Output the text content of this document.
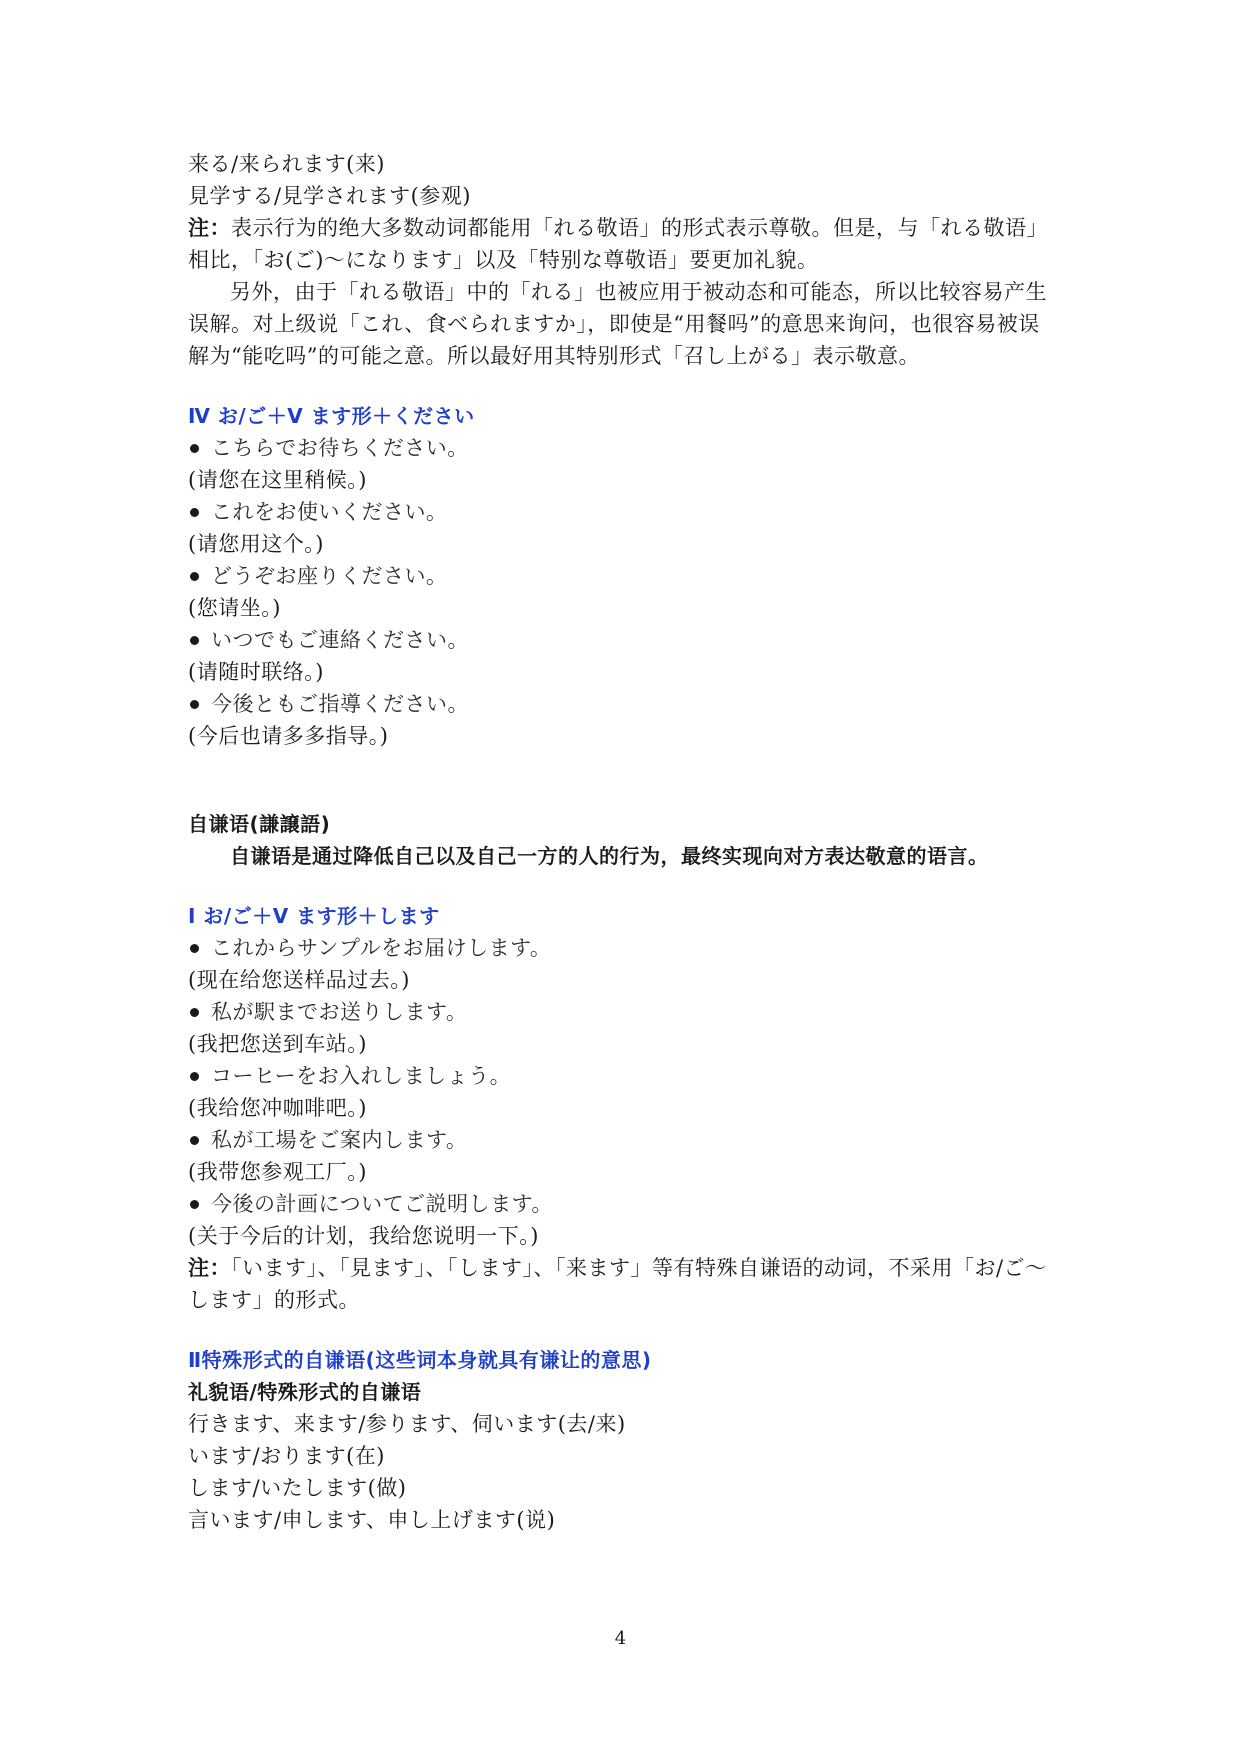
来る/来られます(来)
見学する/見学されます(参观)
注：表示行为的绝大多数动词都能用「れる敬语」的形式表示尊敬。但是，与「れる敬语」相比，「お(ご)～になります」以及「特别な尊敬语」要更加礼貌。
另外，由于「れる敬语」中的「れる」也被应用于被动态和可能态，所以比较容易产生误解。对上级说「これ、食べられますか」，即使是“用餐吗”的意思来询问，也很容易被误解为“能吃吗”的可能之意。所以最好用其特别形式「召し上がる」表示敬意。
Ⅳ お/ご＋V ます形＋ください
こちらでお待ちください。
(请您在这里稍候。)
これをお使いください。
(请您用这个。)
どうぞお座りください。
(您请坐。)
いつでもご連絡ください。
(请随时联络。)
今後ともご指導ください。
(今后也请多多指导。)
自谦语(謙譲語)
自谦语是通过降低自己以及自己一方的人的行为，最终实现向对方表达敬意的语言。
Ⅰ お/ご＋V ます形＋します
これからサンプルをお届けします。
(现在给您送样品过去。)
私が駅までお送りします。
(我把您送到车站。)
コーヒーをお入れしましょう。
(我给您冲咖啡吧。)
私が工場をご案内します。
(我带您参观工厂。)
今後の計画についてご説明します。
(关于今后的计划，我给您说明一下。)
注：「います」、「見ます」、「します」、「来ます」等有特殊自谦语的动词，不采用「お/ご～します」的形式。
Ⅱ特殊形式的自谦语(这些词本身就具有谦让的意思)
礼貌语/特殊形式的自谦语
行きます、来ます/参ります、伺います(去/来)
います/おります(在)
します/いたします(做)
言います/申します、申し上げます(说)
4
